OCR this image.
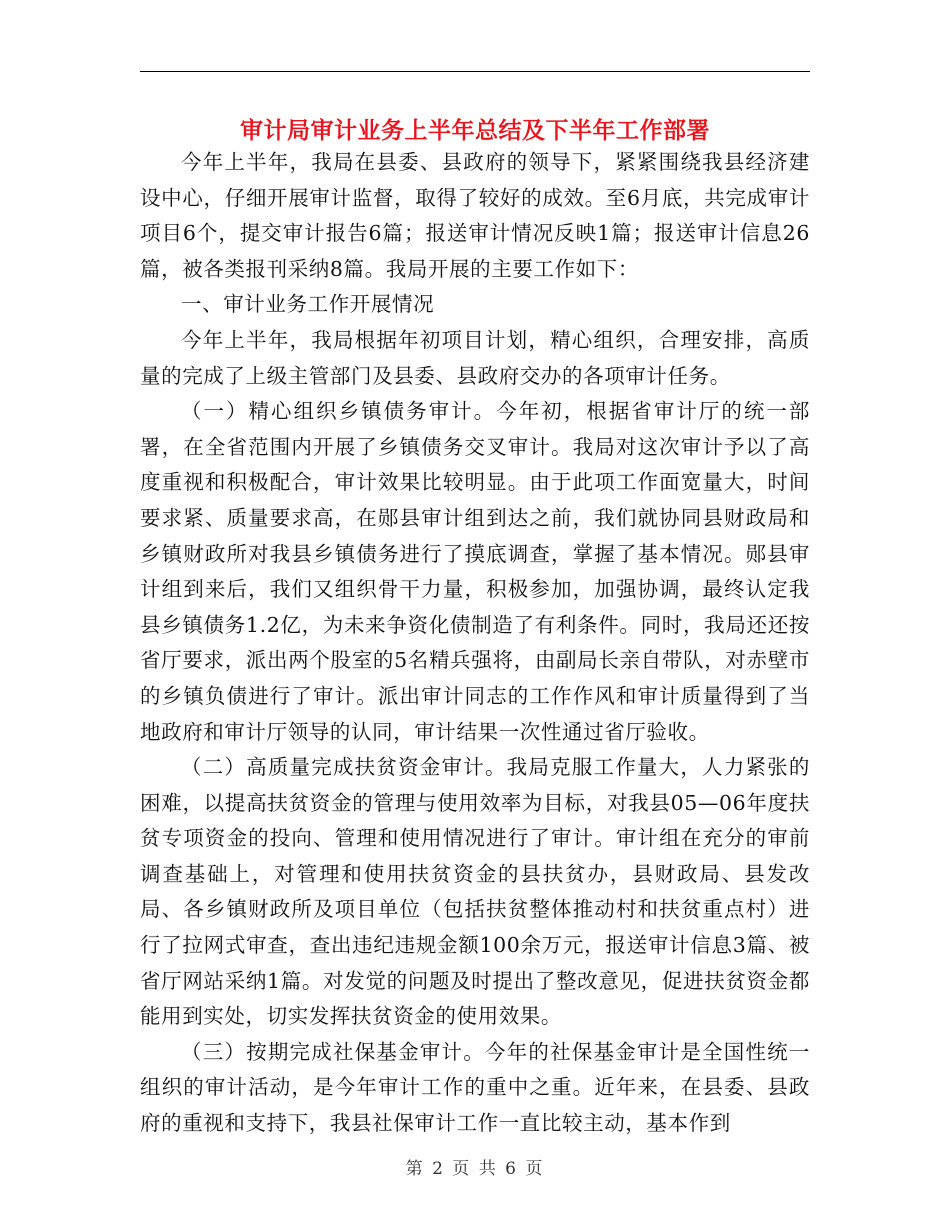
审计局审计业务上半年总结及下半年工作部署

今年上半年，我局在县委、县政府的领导下，紧紧围绕我县经济建设中心，仔细开展审计监督，取得了较好的成效。至6月底，共完成审计项目6个，提交审计报告6篇；报送审计情况反映1篇；报送审计信息26篇，被各类报刊采纳8篇。我局开展的主要工作如下：

一、审计业务工作开展情况

今年上半年，我局根据年初项目计划，精心组织，合理安排，高质量的完成了上级主管部门及县委、县政府交办的各项审计任务。

（一）精心组织乡镇债务审计。今年初，根据省审计厅的统一部署，在全省范围内开展了乡镇债务交叉审计。我局对这次审计予以了高度重视和积极配合，审计效果比较明显。由于此项工作面宽量大，时间要求紧、质量要求高，在郧县审计组到达之前，我们就协同县财政局和乡镇财政所对我县乡镇债务进行了摸底调查，掌握了基本情况。郧县审计组到来后，我们又组织骨干力量，积极参加，加强协调，最终认定我县乡镇债务1.2亿，为未来争资化债制造了有利条件。同时，我局还还按省厅要求，派出两个股室的5名精兵强将，由副局长亲自带队，对赤壁市的乡镇负债进行了审计。派出审计同志的工作作风和审计质量得到了当地政府和审计厅领导的认同，审计结果一次性通过省厅验收。

（二）高质量完成扶贫资金审计。我局克服工作量大，人力紧张的困难，以提高扶贫资金的管理与使用效率为目标，对我县05—06年度扶贫专项资金的投向、管理和使用情况进行了审计。审计组在充分的审前调查基础上，对管理和使用扶贫资金的县扶贫办，县财政局、县发改局、各乡镇财政所及项目单位（包括扶贫整体推动村和扶贫重点村）进行了拉网式审查，查出违纪违规金额100余万元，报送审计信息3篇、被省厅网站采纳1篇。对发觉的问题及时提出了整改意见，促进扶贫资金都能用到实处，切实发挥扶贫资金的使用效果。

（三）按期完成社保基金审计。今年的社保基金审计是全国性统一组织的审计活动，是今年审计工作的重中之重。近年来，在县委、县政府的重视和支持下，我县社保审计工作一直比较主动，基本作到

第 2 页 共 6 页
